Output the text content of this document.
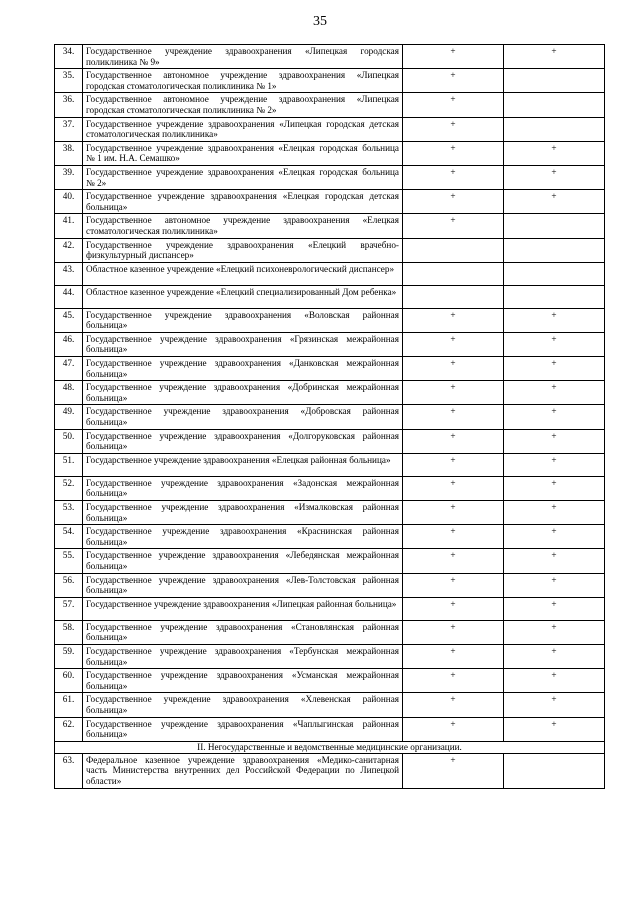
35
34.	Государственное учреждение здравоохранения «Липецкая городская поликлиника № 9»	+	+
35.	Государственное автономное учреждение здравоохранения «Липецкая городская стоматологическая поликлиника № 1»	+	
36.	Государственное автономное учреждение здравоохранения «Липецкая городская стоматологическая поликлиника № 2»	+	
37.	Государственное учреждение здравоохранения «Липецкая городская детская стоматологическая поликлиника»	+	
38.	Государственное учреждение здравоохранения «Елецкая городская больница № 1 им. Н.А. Семашко»	+	+
39.	Государственное учреждение здравоохранения «Елецкая городская больница № 2»	+	+
40.	Государственное учреждение здравоохранения «Елецкая городская детская больница»	+	+
41.	Государственное автономное учреждение здравоохранения «Елецкая стоматологическая поликлиника»	+	
42.	Государственное учреждение здравоохранения «Елецкий врачебно-физкультурный диспансер»		
43.	Областное казенное учреждение «Елецкий психоневрологический диспансер»		
44.	Областное казенное учреждение «Елецкий специализированный Дом ребенка»		
45.	Государственное учреждение здравоохранения «Воловская районная больница»	+	+
46.	Государственное учреждение здравоохранения «Грязинская межрайонная больница»	+	+
47.	Государственное учреждение здравоохранения «Данковская межрайонная больница»	+	+
48.	Государственное учреждение здравоохранения «Добринская межрайонная больница»	+	+
49.	Государственное учреждение здравоохранения «Добровская районная больница»	+	+
50.	Государственное учреждение здравоохранения «Долгоруковская районная больница»	+	+
51.	Государственное учреждение здравоохранения «Елецкая районная больница»	+	+
52.	Государственное учреждение здравоохранения «Задонская межрайонная больница»	+	+
53.	Государственное учреждение здравоохранения «Измалковская районная больница»	+	+
54.	Государственное учреждение здравоохранения «Краснинская районная больница»	+	+
55.	Государственное учреждение здравоохранения «Лебедянская межрайонная больница»	+	+
56.	Государственное учреждение здравоохранения «Лев-Толстовская районная больница»	+	+
57.	Государственное учреждение здравоохранения «Липецкая районная больница»	+	+
58.	Государственное учреждение здравоохранения «Становлянская районная больница»	+	+
59.	Государственное учреждение здравоохранения «Тербунская межрайонная больница»	+	+
60.	Государственное учреждение здравоохранения «Усманская межрайонная больница»	+	+
61.	Государственное учреждение здравоохранения «Хлевенская районная больница»	+	+
62.	Государственное учреждение здравоохранения «Чаплыгинская районная больница»	+	+
II. Негосударственные и ведомственные медицинские организации.			
63.	Федеральное казенное учреждение здравоохранения «Медико-санитарная часть Министерства внутренних дел Российской Федерации по Липецкой области»	+	
